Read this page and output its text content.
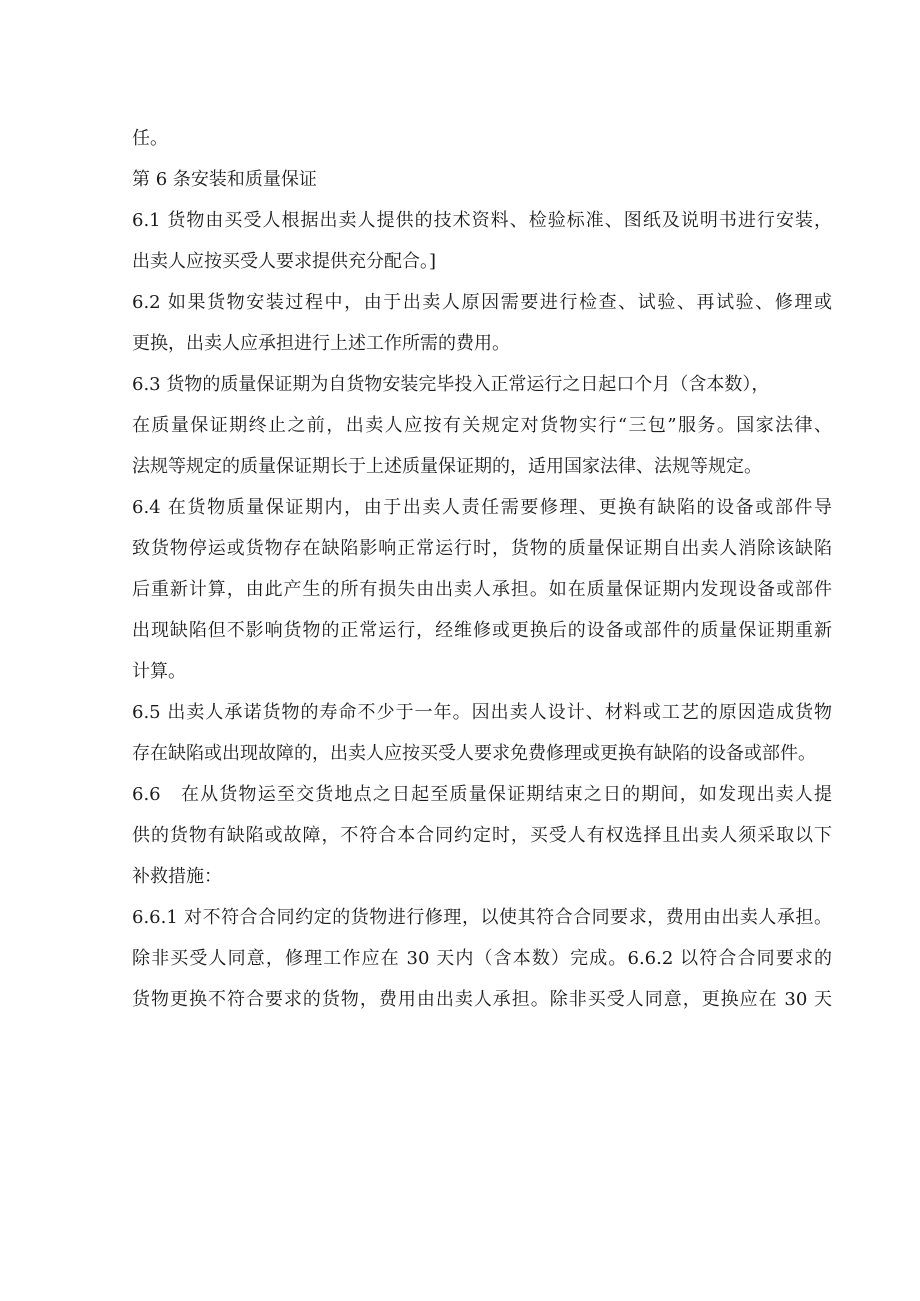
任。
第 6 条安装和质量保证
6.1 货物由买受人根据出卖人提供的技术资料、检验标准、图纸及说明书进行安装，
出卖人应按买受人要求提供充分配合。]
6.2 如果货物安装过程中，由于出卖人原因需要进行检查、试验、再试验、修理或
更换，出卖人应承担进行上述工作所需的费用。
6.3 货物的质量保证期为自货物安装完毕投入正常运行之日起口个月（含本数），
在质量保证期终止之前，出卖人应按有关规定对货物实行“三包”服务。国家法律、
法规等规定的质量保证期长于上述质量保证期的，适用国家法律、法规等规定。
6.4 在货物质量保证期内，由于出卖人责任需要修理、更换有缺陷的设备或部件导
致货物停运或货物存在缺陷影响正常运行时，货物的质量保证期自出卖人消除该缺陷
后重新计算，由此产生的所有损失由出卖人承担。如在质量保证期内发现设备或部件
出现缺陷但不影响货物的正常运行，经维修或更换后的设备或部件的质量保证期重新
计算。
6.5 出卖人承诺货物的寿命不少于一年。因出卖人设计、材料或工艺的原因造成货物
存在缺陷或出现故障的，出卖人应按买受人要求免费修理或更换有缺陷的设备或部件。
6.6　在从货物运至交货地点之日起至质量保证期结束之日的期间，如发现出卖人提
供的货物有缺陷或故障，不符合本合同约定时，买受人有权选择且出卖人须采取以下
补救措施：
6.6.1 对不符合合同约定的货物进行修理，以使其符合合同要求，费用由出卖人承担。
除非买受人同意，修理工作应在 30 天内（含本数）完成。6.6.2 以符合合同要求的
货物更换不符合要求的货物，费用由出卖人承担。除非买受人同意，更换应在 30 天
